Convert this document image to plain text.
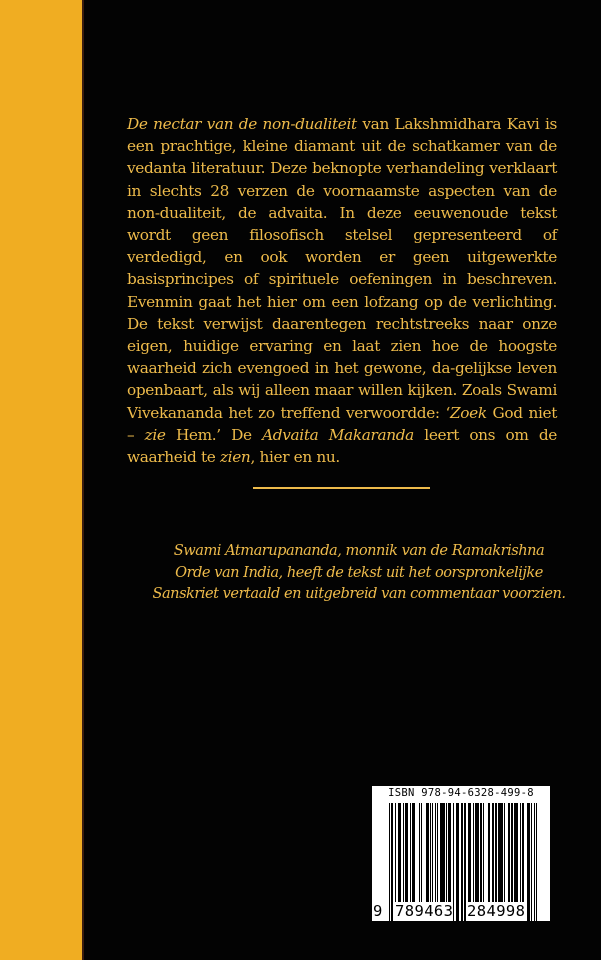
De nectar van de non-dualiteit van Lakshmidhara Kavi is een prachtige, kleine diamant uit de schatkamer van de vedanta literatuur. Deze beknopte verhandeling verklaart in slechts 28 verzen de voornaamste aspecten van de non-dualiteit, de advaita. In deze eeuwenoude tekst wordt geen filosofisch stelsel gepresenteerd of verdedigd, en ook worden er geen uitgewerkte basisprincipes of spirituele oefeningen in beschreven. Evenmin gaat het hier om een lofzang op de verlichting. De tekst verwijst daarentegen rechtstreeks naar onze eigen, huidige ervaring en laat zien hoe de hoogste waarheid zich evengoed in het gewone, da-gelijkse leven openbaart, als wij alleen maar willen kijken. Zoals Swami Vivekananda het zo treffend verwoordde: ‘Zoek God niet – zie Hem.’ De Advaita Makaranda leert ons om de waarheid te zien, hier en nu.

Swami Atmarupananda, monnik van de Ramakrishna
Orde van India, heeft de tekst uit het oorspronkelijke
Sanskriet vertaald en uitgebreid van commentaar voorzien.
ISBN 978-94-6328-499-8
9 789463 284998
